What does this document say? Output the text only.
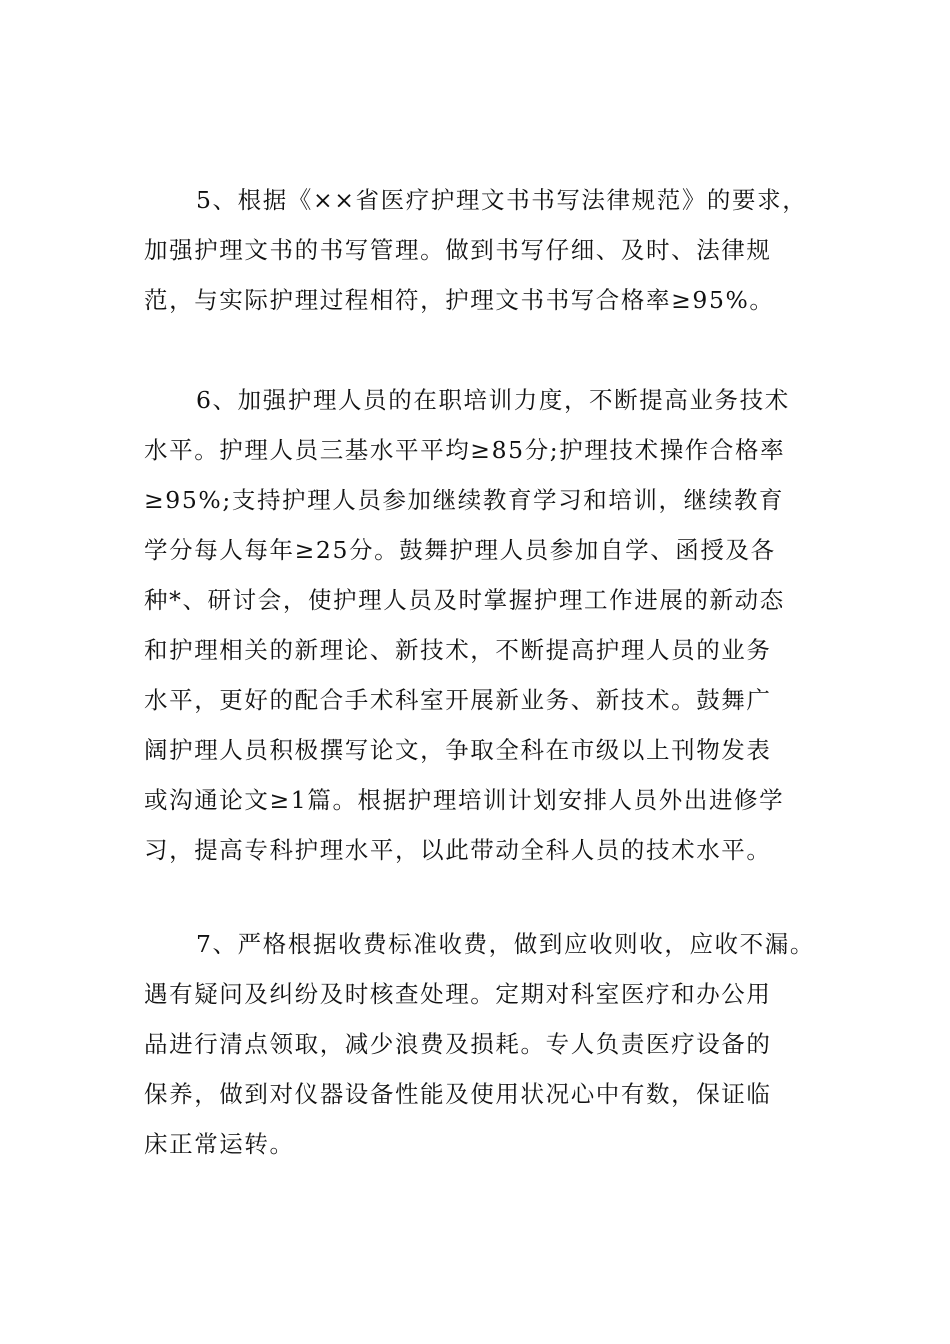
5、根据《××省医疗护理文书书写法律规范》的要求，
加强护理文书的书写管理。做到书写仔细、及时、法律规
范，与实际护理过程相符，护理文书书写合格率≥95%。
6、加强护理人员的在职培训力度，不断提高业务技术
水平。护理人员三基水平平均≥85分;护理技术操作合格率
≥95%;支持护理人员参加继续教育学习和培训，继续教育
学分每人每年≥25分。鼓舞护理人员参加自学、函授及各
种*、研讨会，使护理人员及时掌握护理工作进展的新动态
和护理相关的新理论、新技术，不断提高护理人员的业务
水平，更好的配合手术科室开展新业务、新技术。鼓舞广
阔护理人员积极撰写论文，争取全科在市级以上刊物发表
或沟通论文≥1篇。根据护理培训计划安排人员外出进修学
习，提高专科护理水平，以此带动全科人员的技术水平。
7、严格根据收费标准收费，做到应收则收，应收不漏。
遇有疑问及纠纷及时核查处理。定期对科室医疗和办公用
品进行清点领取，减少浪费及损耗。专人负责医疗设备的
保养，做到对仪器设备性能及使用状况心中有数，保证临
床正常运转。
